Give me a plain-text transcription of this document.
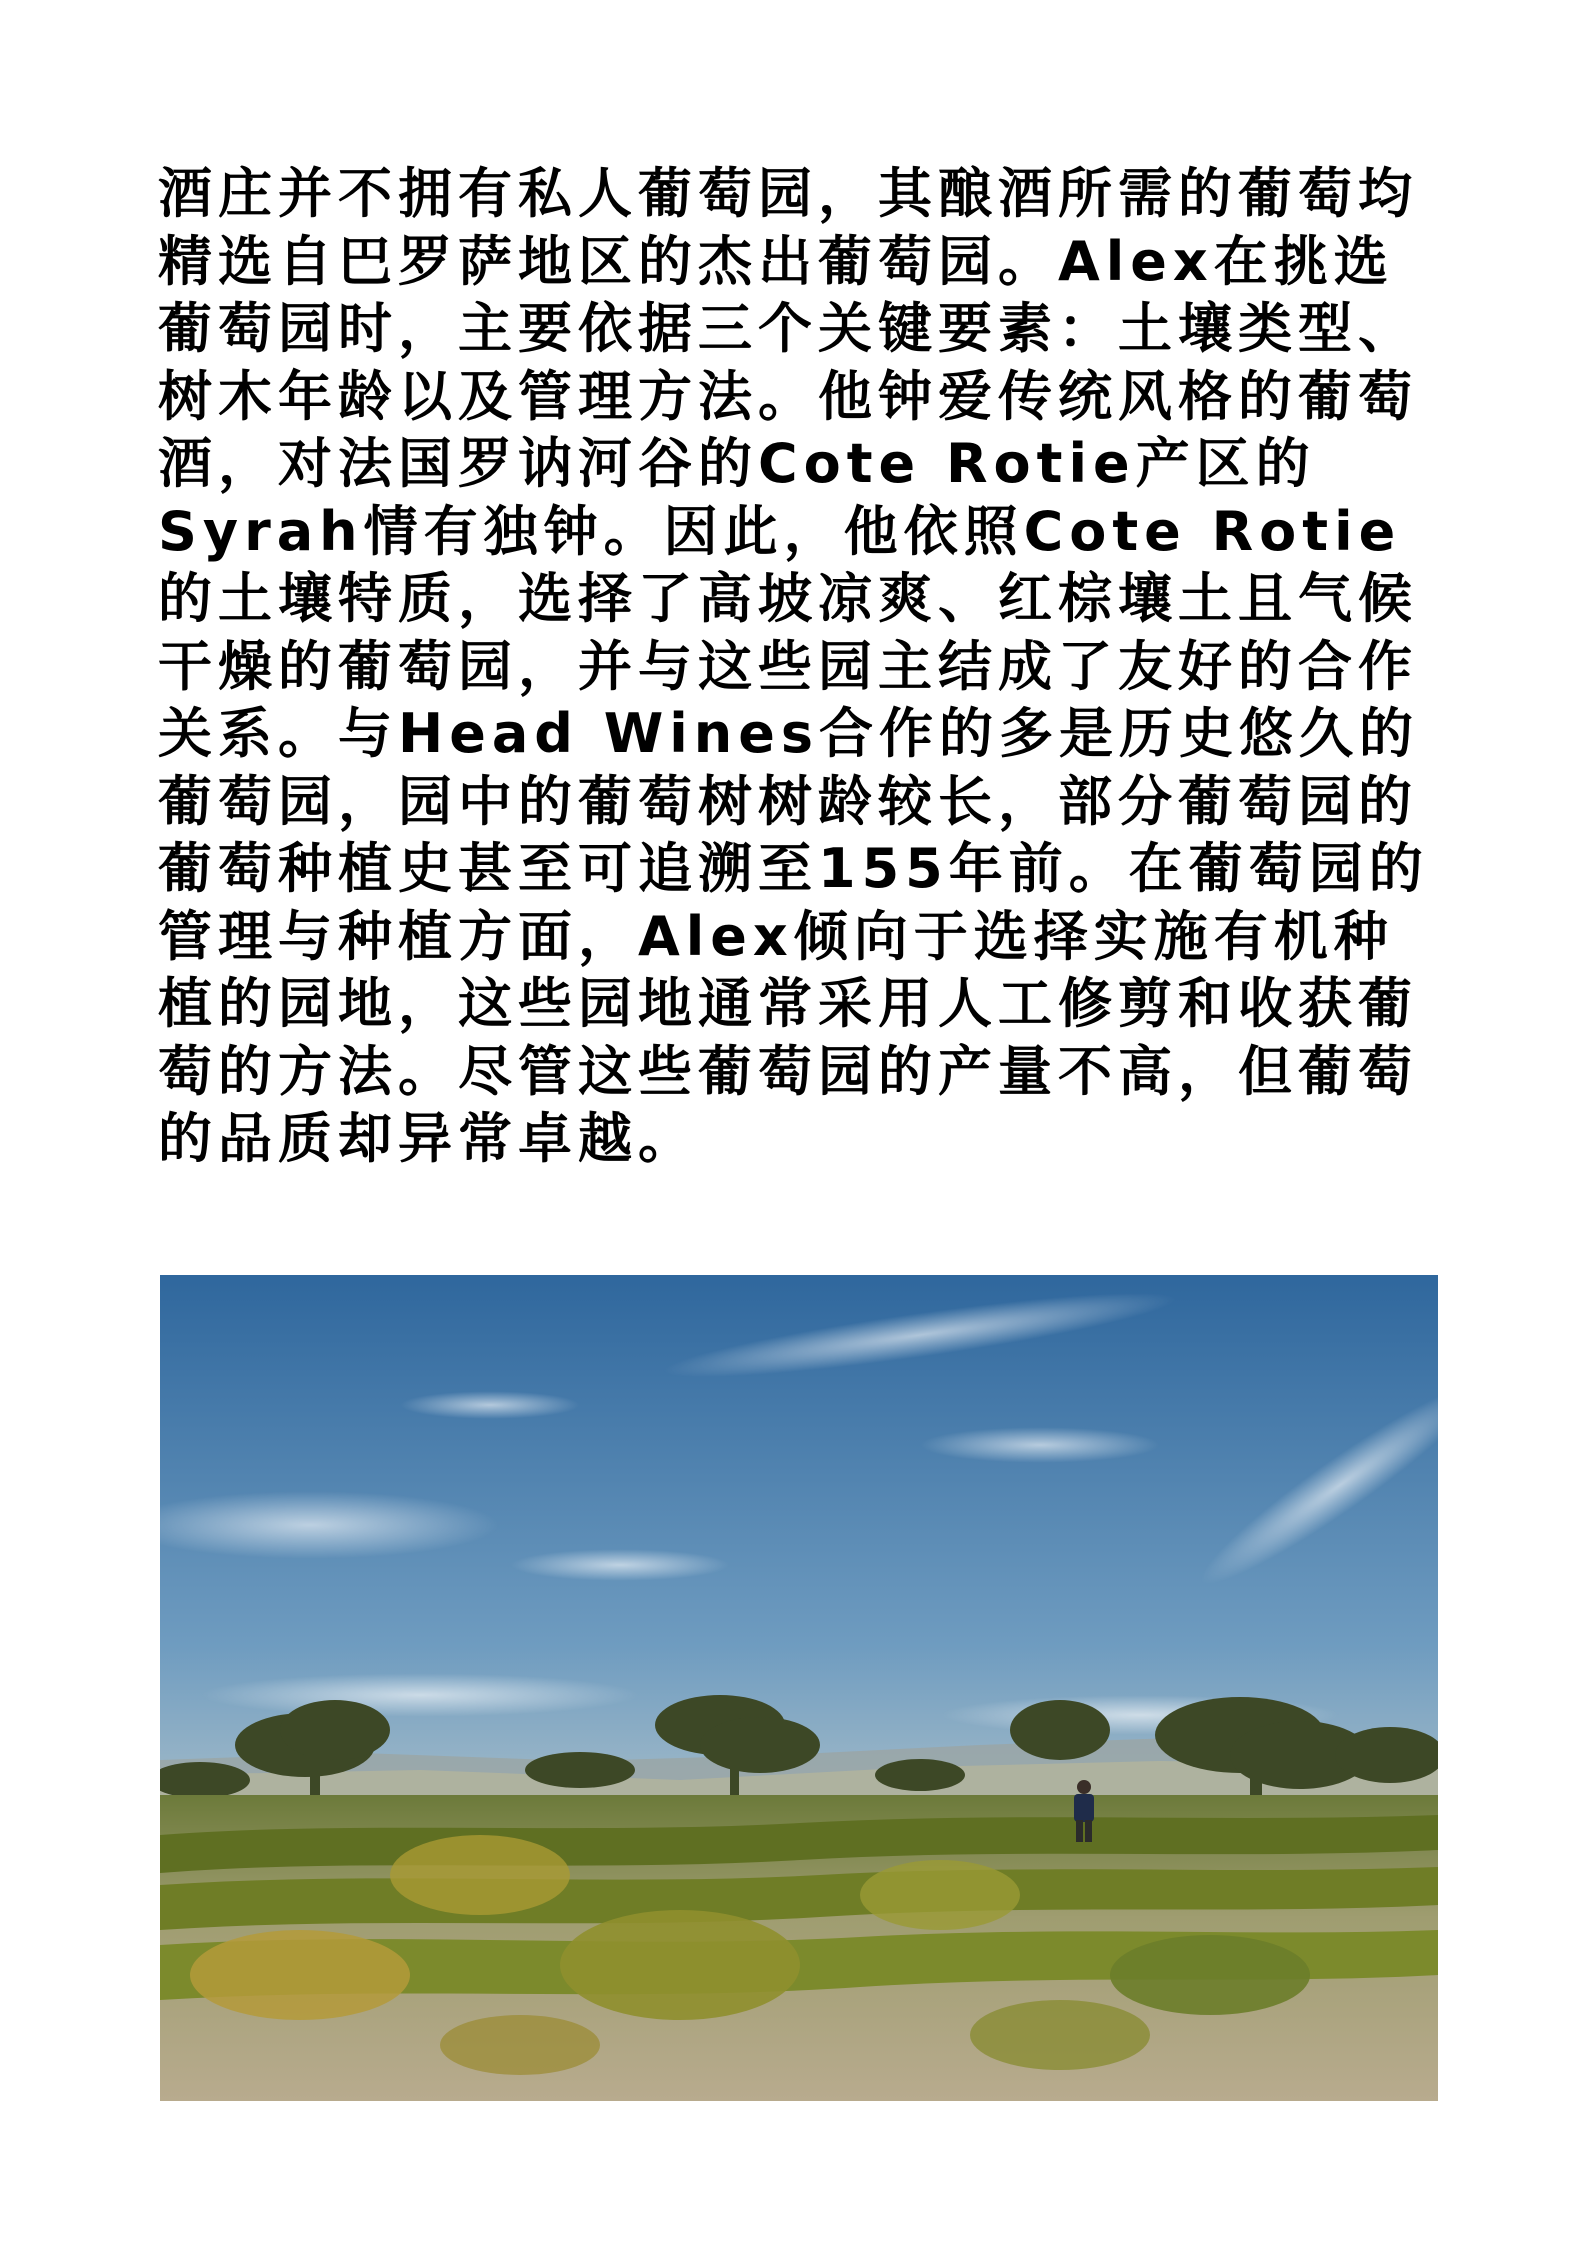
酒庄并不拥有私人葡萄园，其酿酒所需的葡萄均精选自巴罗萨地区的杰出葡萄园。Alex在挑选葡萄园时，主要依据三个关键要素：土壤类型、树木年龄以及管理方法。他钟爱传统风格的葡萄酒，对法国罗讷河谷的Cote Rotie产区的Syrah情有独钟。因此，他依照Cote Rotie的土壤特质，选择了高坡凉爽、红棕壤土且气候干燥的葡萄园，并与这些园主结成了友好的合作关系。与Head Wines合作的多是历史悠久的葡萄园，园中的葡萄树树龄较长，部分葡萄园的葡萄种植史甚至可追溯至155年前。在葡萄园的管理与种植方面，Alex倾向于选择实施有机种植的园地，这些园地通常采用人工修剪和收获葡萄的方法。尽管这些葡萄园的产量不高，但葡萄的品质却异常卓越。
